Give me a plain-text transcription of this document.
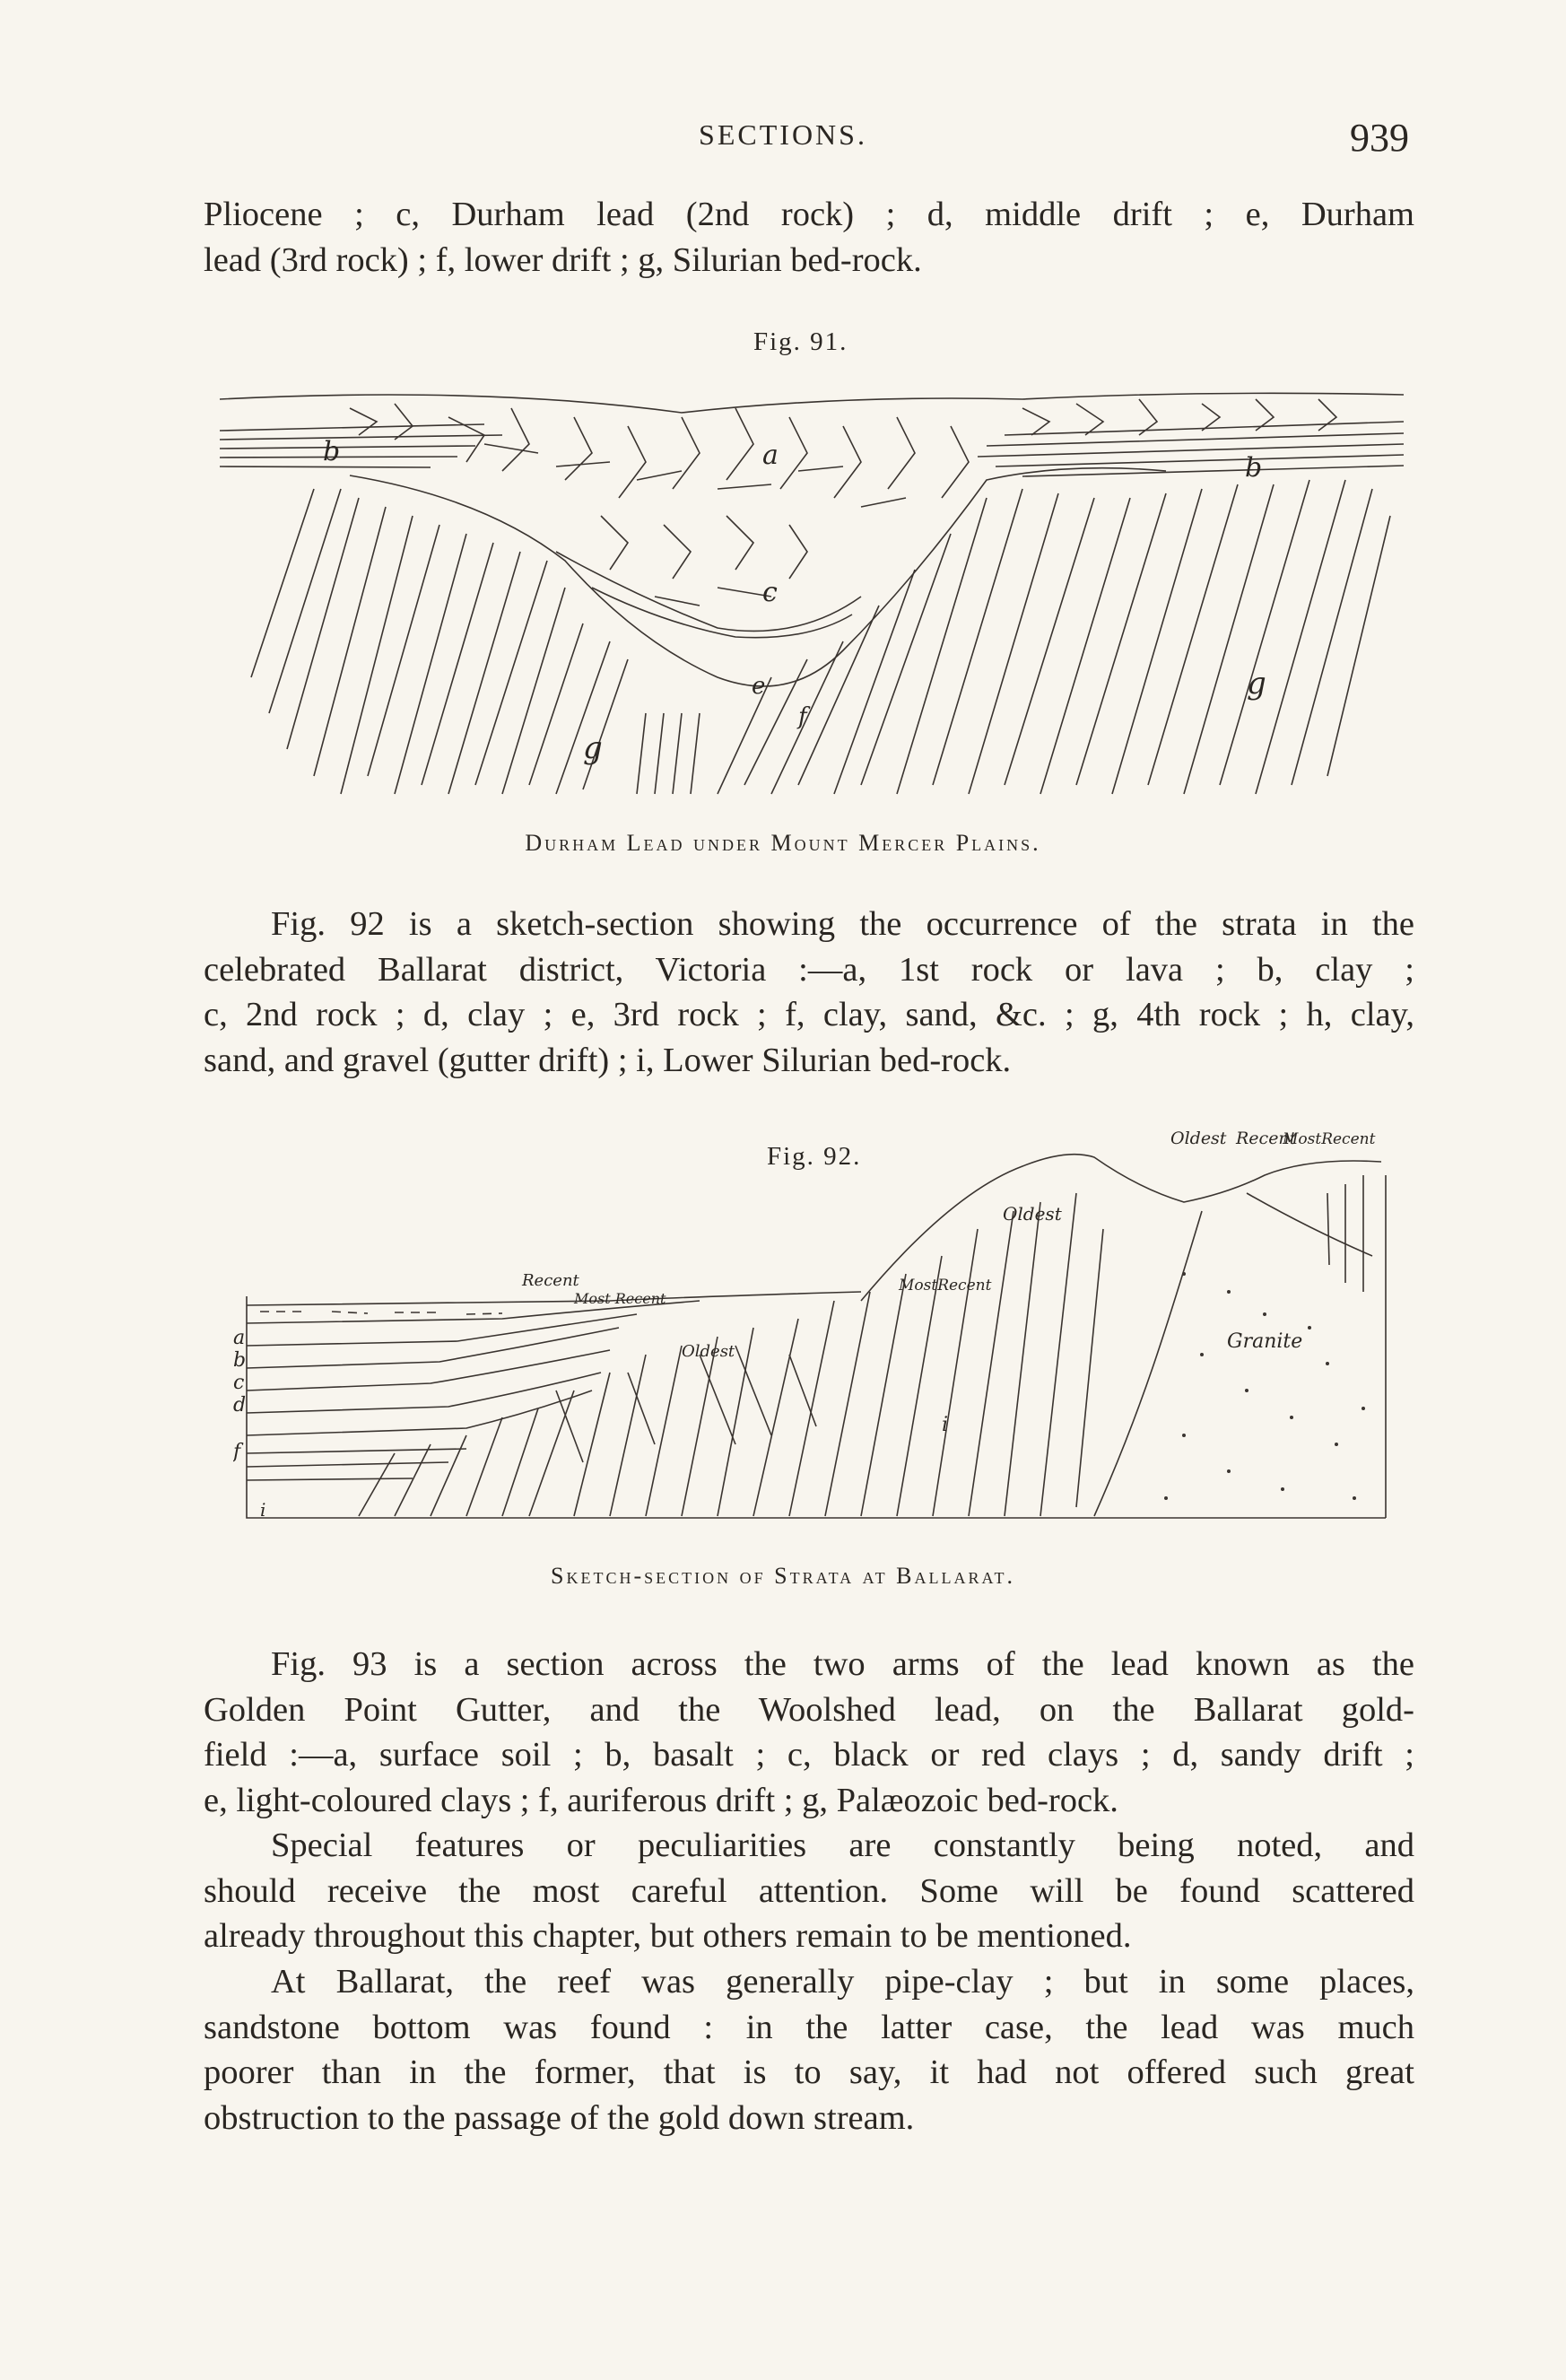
SECTIONS.	939
Pliocene ; c, Durham lead (2nd rock) ; d, middle drift ; e, Durham
lead (3rd rock) ; f, lower drift ; g, Silurian bed-rock.
Fig. 91.
a
b
b
c
e
f
g
g
Durham Lead under Mount Mercer Plains.
Fig. 92 is a sketch-section showing the occurrence of the strata in the
celebrated Ballarat district, Victoria :—a, 1st rock or lava ; b, clay ;
c, 2nd rock ; d, clay ; e, 3rd rock ; f, clay, sand, &c. ; g, 4th rock ; h, clay,
sand, and gravel (gutter drift) ; i, Lower Silurian bed-rock.
Fig. 92.
Oldest Recent
MostRecent
Oldest
Recent
Most Recent
MostRecent
Oldest	Granite
a
b
c
d
f
i
i
Sketch-section of Strata at Ballarat.
Fig. 93 is a section across the two arms of the lead known as the
Golden Point Gutter, and the Woolshed lead, on the Ballarat gold-
field :—a, surface soil ; b, basalt ; c, black or red clays ; d, sandy drift ;
e, light-coloured clays ; f, auriferous drift ; g, Palæozoic bed-rock.
Special features or peculiarities are constantly being noted, and
should receive the most careful attention. Some will be found scattered
already throughout this chapter, but others remain to be mentioned.
At Ballarat, the reef was generally pipe-clay ; but in some places,
sandstone bottom was found : in the latter case, the lead was much
poorer than in the former, that is to say, it had not offered such great
obstruction to the passage of the gold down stream.
